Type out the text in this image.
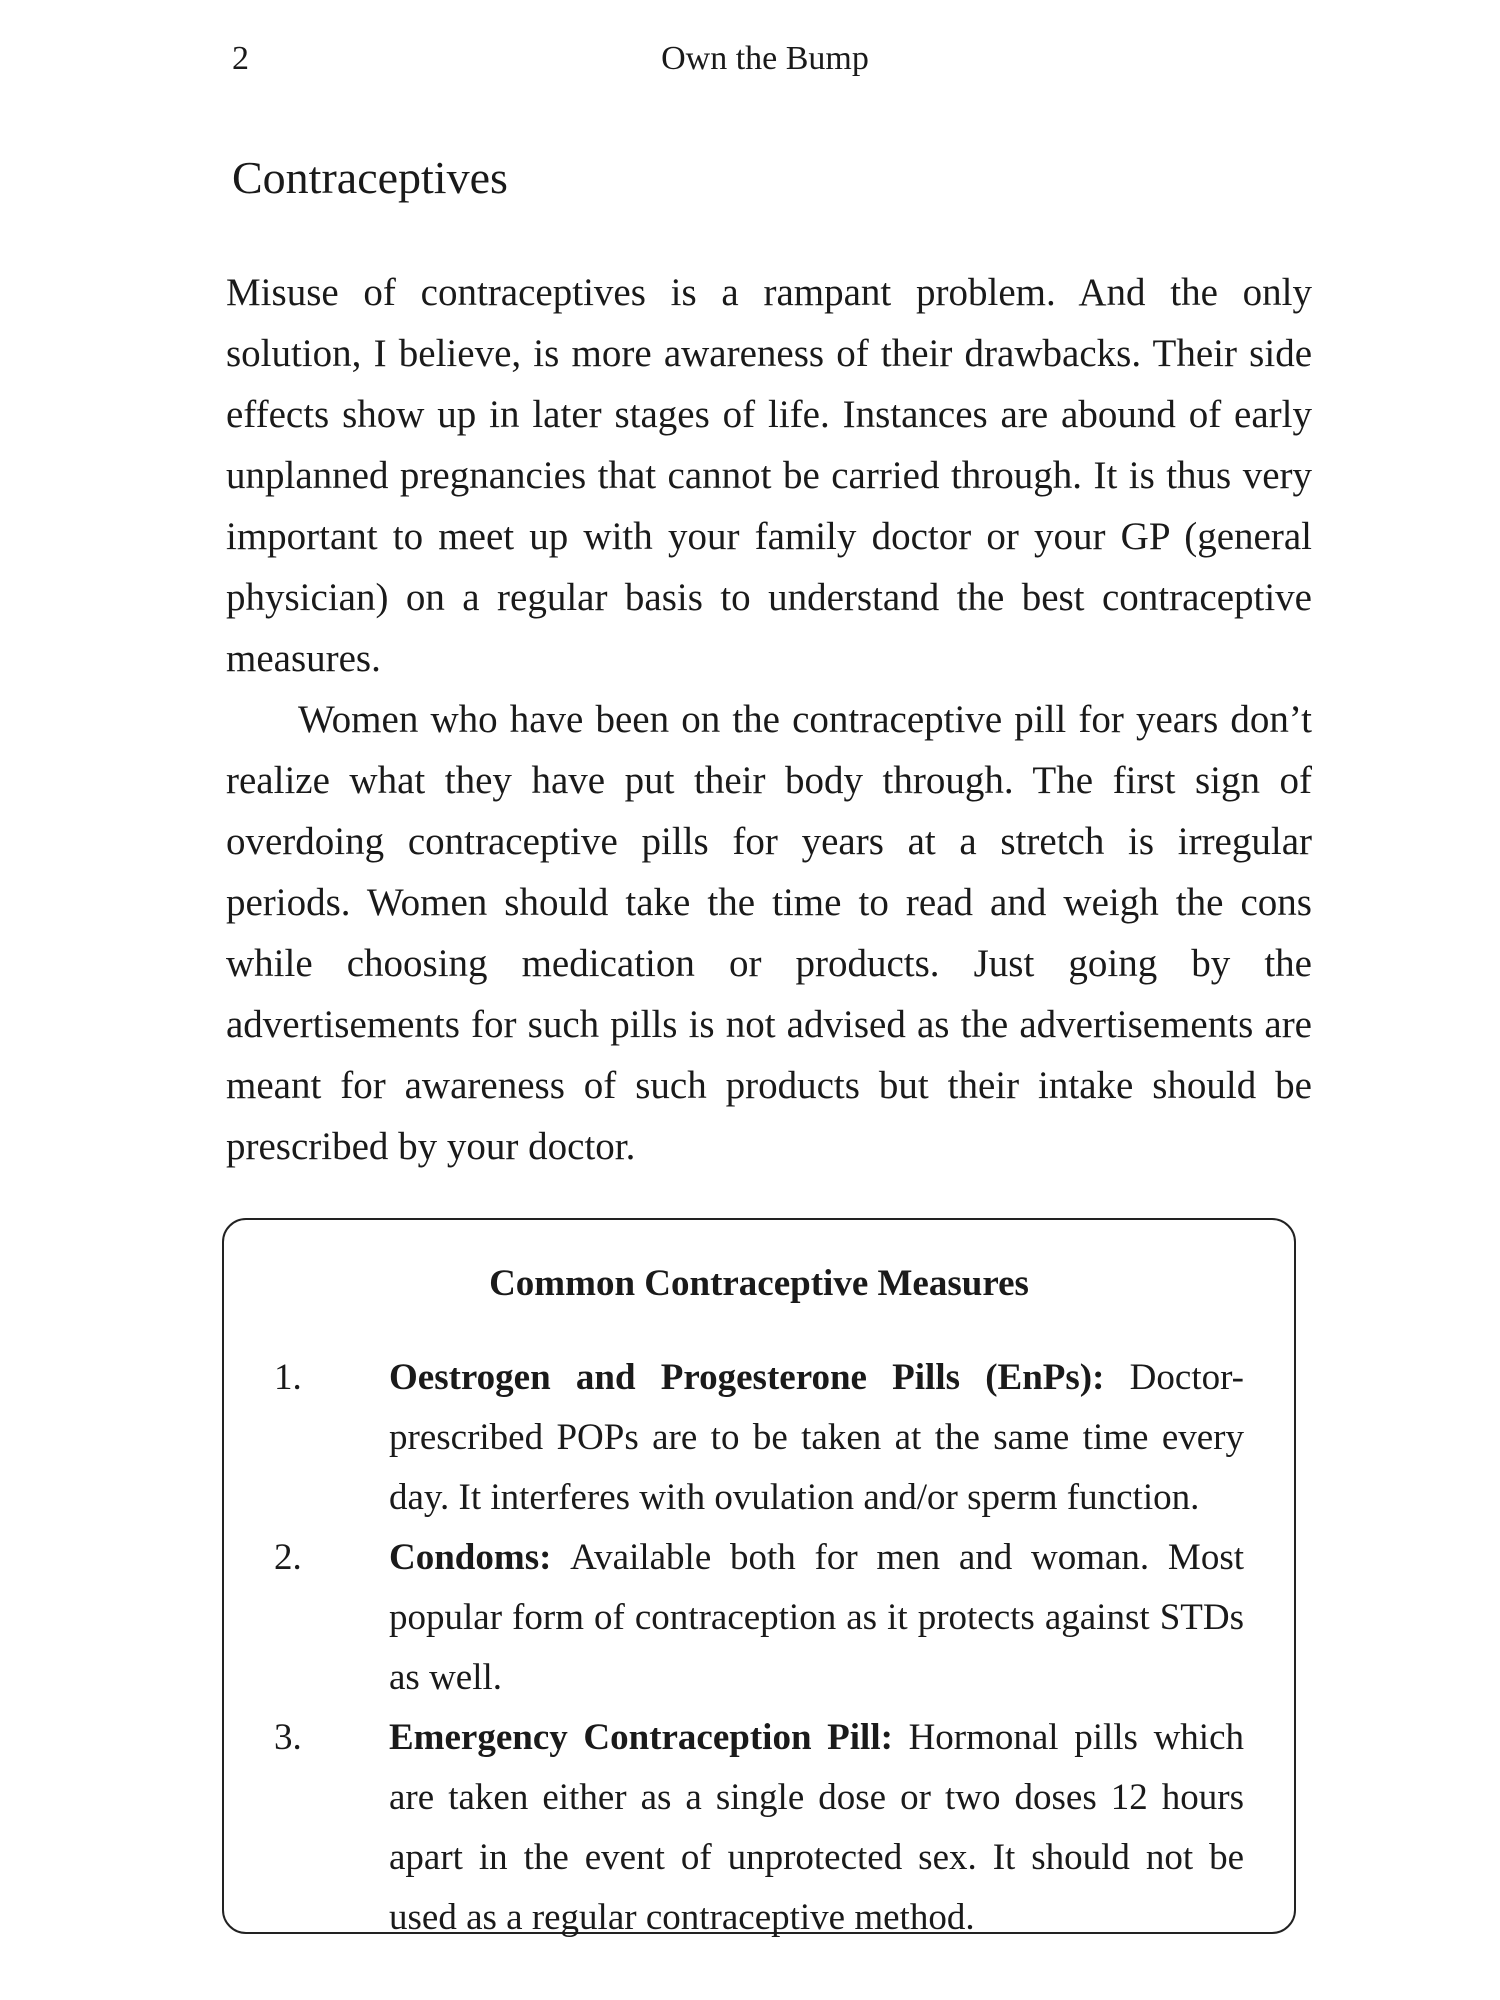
2	Own the Bump
Contraceptives

Misuse of contraceptives is a rampant problem. And the only solution, I believe, is more awareness of their drawbacks. Their side effects show up in later stages of life. Instances are abound of early unplanned pregnancies that cannot be carried through. It is thus very important to meet up with your family doctor or your GP (general physician) on a regular basis to understand the best contraceptive measures.

Women who have been on the contraceptive pill for years don’t realize what they have put their body through. The first sign of overdoing contraceptive pills for years at a stretch is irregular periods. Women should take the time to read and weigh the cons while choosing medication or products. Just going by the advertisements for such pills is not advised as the advertisements are meant for awareness of such products but their intake should be prescribed by your doctor.

Common Contraceptive Measures
1. Oestrogen and Progesterone Pills (EnPs): Doctor-prescribed POPs are to be taken at the same time every day. It interferes with ovulation and/or sperm function.
2. Condoms: Available both for men and woman. Most popular form of contraception as it protects against STDs as well.
3. Emergency Contraception Pill: Hormonal pills which are taken either as a single dose or two doses 12 hours apart in the event of unprotected sex. It should not be used as a regular contraceptive method.
